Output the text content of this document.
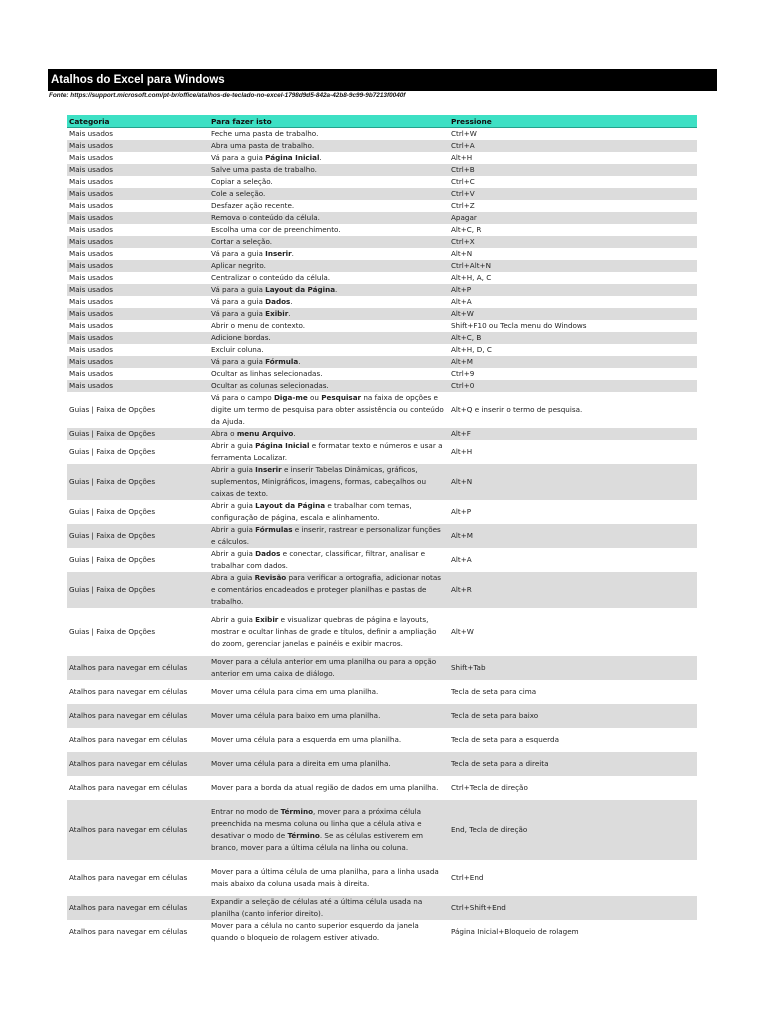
Atalhos do Excel para Windows
Fonte: https://support.microsoft.com/pt-br/office/atalhos-de-teclado-no-excel-1798d9d5-842a-42b8-9c99-9b7213f0040f
Categoria	Para fazer isto	Pressione
Mais usados	Feche uma pasta de trabalho.	Ctrl+W
Mais usados	Abra uma pasta de trabalho.	Ctrl+A
Mais usados	Vá para a guia Página Inicial.	Alt+H
Mais usados	Salve uma pasta de trabalho.	Ctrl+B
Mais usados	Copiar a seleção.	Ctrl+C
Mais usados	Cole a seleção.	Ctrl+V
Mais usados	Desfazer ação recente.	Ctrl+Z
Mais usados	Remova o conteúdo da célula.	Apagar
Mais usados	Escolha uma cor de preenchimento.	Alt+C, R
Mais usados	Cortar a seleção.	Ctrl+X
Mais usados	Vá para a guia Inserir.	Alt+N
Mais usados	Aplicar negrito.	Ctrl+Alt+N
Mais usados	Centralizar o conteúdo da célula.	Alt+H, A, C
Mais usados	Vá para a guia Layout da Página.	Alt+P
Mais usados	Vá para a guia Dados.	Alt+A
Mais usados	Vá para a guia Exibir.	Alt+W
Mais usados	Abrir o menu de contexto.	Shift+F10 ou Tecla menu do Windows
Mais usados	Adicione bordas.	Alt+C, B
Mais usados	Excluir coluna.	Alt+H, D, C
Mais usados	Vá para a guia Fórmula.	Alt+M
Mais usados	Ocultar as linhas selecionadas.	Ctrl+9
Mais usados	Ocultar as colunas selecionadas.	Ctrl+0
Guias | Faixa de Opções	Vá para o campo Diga-me ou Pesquisar na faixa de opções e digite um termo de pesquisa para obter assistência ou conteúdo da Ajuda.	Alt+Q e inserir o termo de pesquisa.
Guias | Faixa de Opções	Abra o menu Arquivo.	Alt+F
Guias | Faixa de Opções	Abrir a guia Página Inicial e formatar texto e números e usar a ferramenta Localizar.	Alt+H
Guias | Faixa de Opções	Abrir a guia Inserir e inserir Tabelas Dinâmicas, gráficos, suplementos, Minigráficos, imagens, formas, cabeçalhos ou caixas de texto.	Alt+N
Guias | Faixa de Opções	Abrir a guia Layout da Página e trabalhar com temas, configuração de página, escala e alinhamento.	Alt+P
Guias | Faixa de Opções	Abrir a guia Fórmulas e inserir, rastrear e personalizar funções e cálculos.	Alt+M
Guias | Faixa de Opções	Abrir a guia Dados e conectar, classificar, filtrar, analisar e trabalhar com dados.	Alt+A
Guias | Faixa de Opções	Abra a guia Revisão para verificar a ortografia, adicionar notas e comentários encadeados e proteger planilhas e pastas de trabalho.	Alt+R
Guias | Faixa de Opções	Abrir a guia Exibir e visualizar quebras de página e layouts, mostrar e ocultar linhas de grade e títulos, definir a ampliação do zoom, gerenciar janelas e painéis e exibir macros.	Alt+W
Atalhos para navegar em células	Mover para a célula anterior em uma planilha ou para a opção anterior em uma caixa de diálogo.	Shift+Tab
Atalhos para navegar em células	Mover uma célula para cima em uma planilha.	Tecla de seta para cima
Atalhos para navegar em células	Mover uma célula para baixo em uma planilha.	Tecla de seta para baixo
Atalhos para navegar em células	Mover uma célula para a esquerda em uma planilha.	Tecla de seta para a esquerda
Atalhos para navegar em células	Mover uma célula para a direita em uma planilha.	Tecla de seta para a direita
Atalhos para navegar em células	Mover para a borda da atual região de dados em uma planilha.	Ctrl+Tecla de direção
Atalhos para navegar em células	Entrar no modo de Término, mover para a próxima célula preenchida na mesma coluna ou linha que a célula ativa e desativar o modo de Término. Se as células estiverem em branco, mover para a última célula na linha ou coluna.	End, Tecla de direção
Atalhos para navegar em células	Mover para a última célula de uma planilha, para a linha usada mais abaixo da coluna usada mais à direita.	Ctrl+End
Atalhos para navegar em células	Expandir a seleção de células até a última célula usada na planilha (canto inferior direito).	Ctrl+Shift+End
Atalhos para navegar em células	Mover para a célula no canto superior esquerdo da janela quando o bloqueio de rolagem estiver ativado.	Página Inicial+Bloqueio de rolagem
